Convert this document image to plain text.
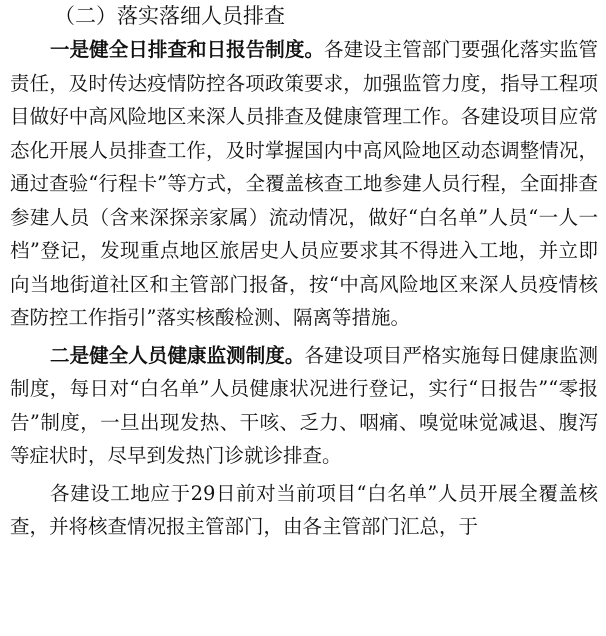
（二）落实落细人员排查

一是健全日排查和日报告制度。各建设主管部门要强化落实监管责任，及时传达疫情防控各项政策要求，加强监管力度，指导工程项目做好中高风险地区来深人员排查及健康管理工作。各建设项目应常态化开展人员排查工作，及时掌握国内中高风险地区动态调整情况，通过查验“行程卡”等方式，全覆盖核查工地参建人员行程，全面排查参建人员（含来深探亲家属）流动情况，做好“白名单”人员“一人一档”登记，发现重点地区旅居史人员应要求其不得进入工地，并立即向当地街道社区和主管部门报备，按“中高风险地区来深人员疫情核查防控工作指引”落实核酸检测、隔离等措施。

二是健全人员健康监测制度。各建设项目严格实施每日健康监测制度，每日对“白名单”人员健康状况进行登记，实行“日报告”“零报告”制度，一旦出现发热、干咳、乏力、咽痛、嗅觉味觉减退、腹泻等症状时，尽早到发热门诊就诊排查。

各建设工地应于29日前对当前项目“白名单”人员开展全覆盖核查，并将核查情况报主管部门，由各主管部门汇总，于
